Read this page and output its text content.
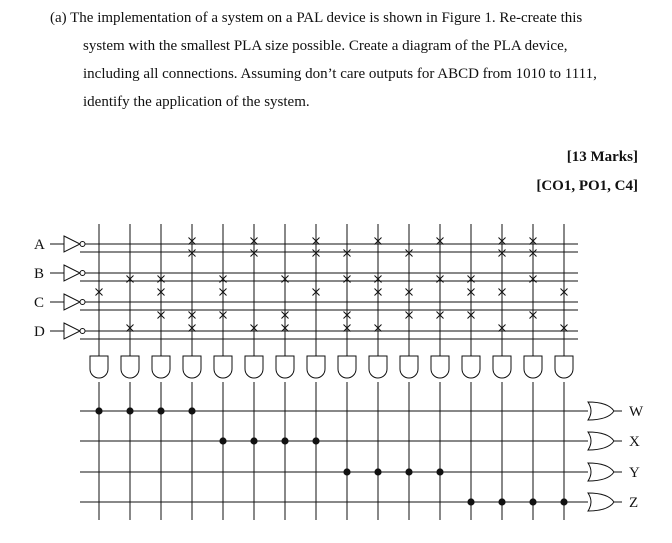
(a) The implementation of a system on a PAL device is shown in Figure 1. Re-create this
system with the smallest PLA size possible. Create a diagram of the PLA device,
including all connections. Assuming don’t care outputs for ABCD from 1010 to 1111,
identify the application of the system.
[13 Marks]
[CO1, PO1, C4]
A
B
C
D
W
X
Y
Z
